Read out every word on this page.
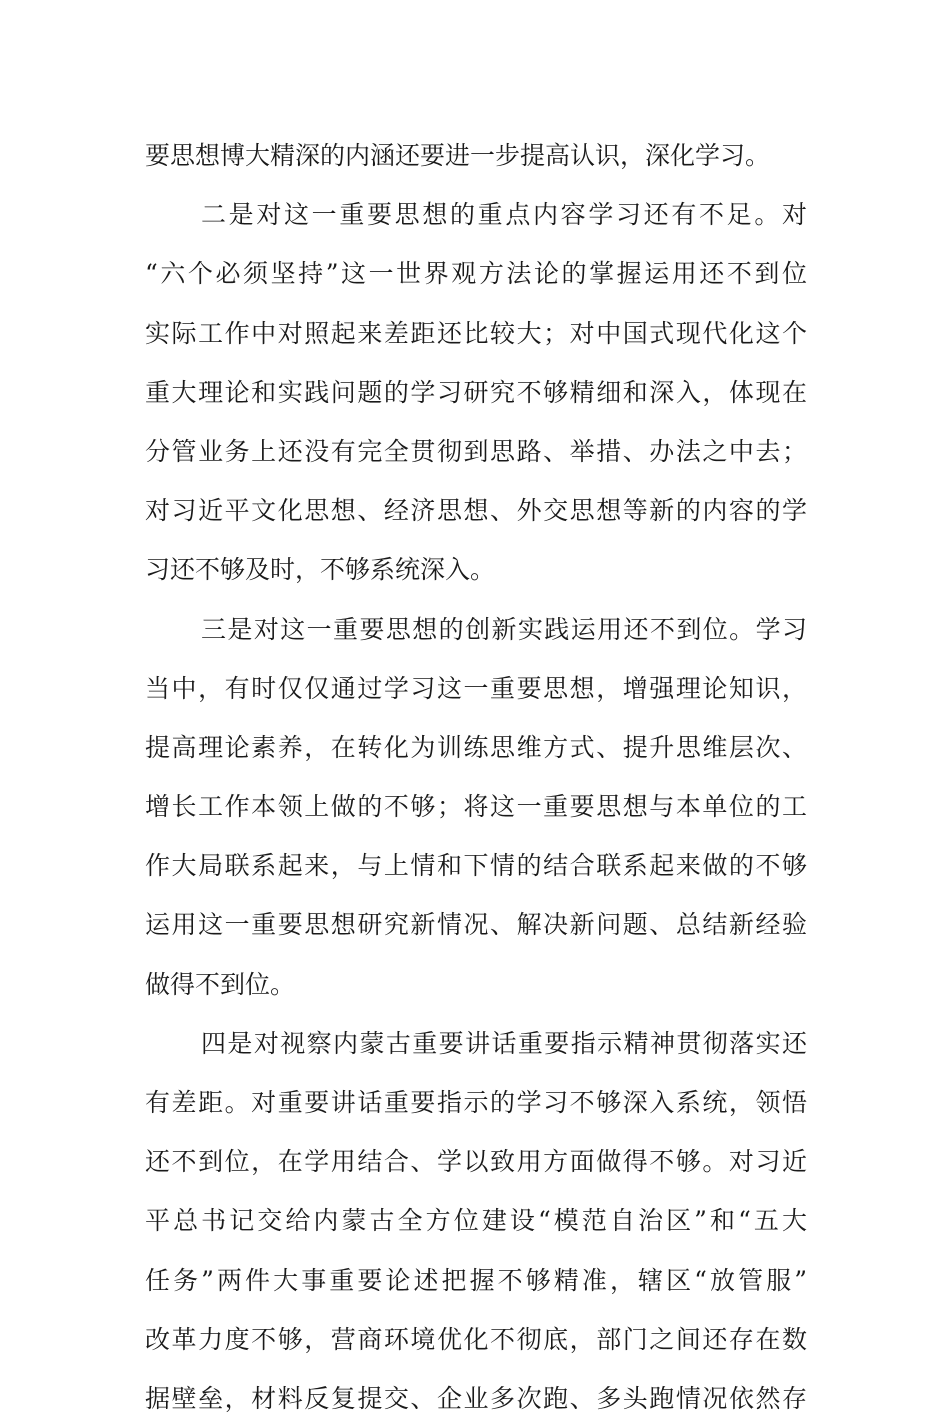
要思想博大精深的内涵还要进一步提高认识，深化学习。
二是对这一重要思想的重点内容学习还有不足。对
“六个必须坚持”这一世界观方法论的掌握运用还不到位
实际工作中对照起来差距还比较大；对中国式现代化这个
重大理论和实践问题的学习研究不够精细和深入，体现在
分管业务上还没有完全贯彻到思路、举措、办法之中去；
对习近平文化思想、经济思想、外交思想等新的内容的学
习还不够及时，不够系统深入。
三是对这一重要思想的创新实践运用还不到位。学习
当中，有时仅仅通过学习这一重要思想，增强理论知识，
提高理论素养，在转化为训练思维方式、提升思维层次、
增长工作本领上做的不够；将这一重要思想与本单位的工
作大局联系起来，与上情和下情的结合联系起来做的不够
运用这一重要思想研究新情况、解决新问题、总结新经验
做得不到位。
四是对视察内蒙古重要讲话重要指示精神贯彻落实还
有差距。对重要讲话重要指示的学习不够深入系统，领悟
还不到位，在学用结合、学以致用方面做得不够。对习近
平总书记交给内蒙古全方位建设“模范自治区”和“五大
任务”两件大事重要论述把握不够精准，辖区“放管服”
改革力度不够，营商环境优化不彻底，部门之间还存在数
据壁垒，材料反复提交、企业多次跑、多头跑情况依然存
